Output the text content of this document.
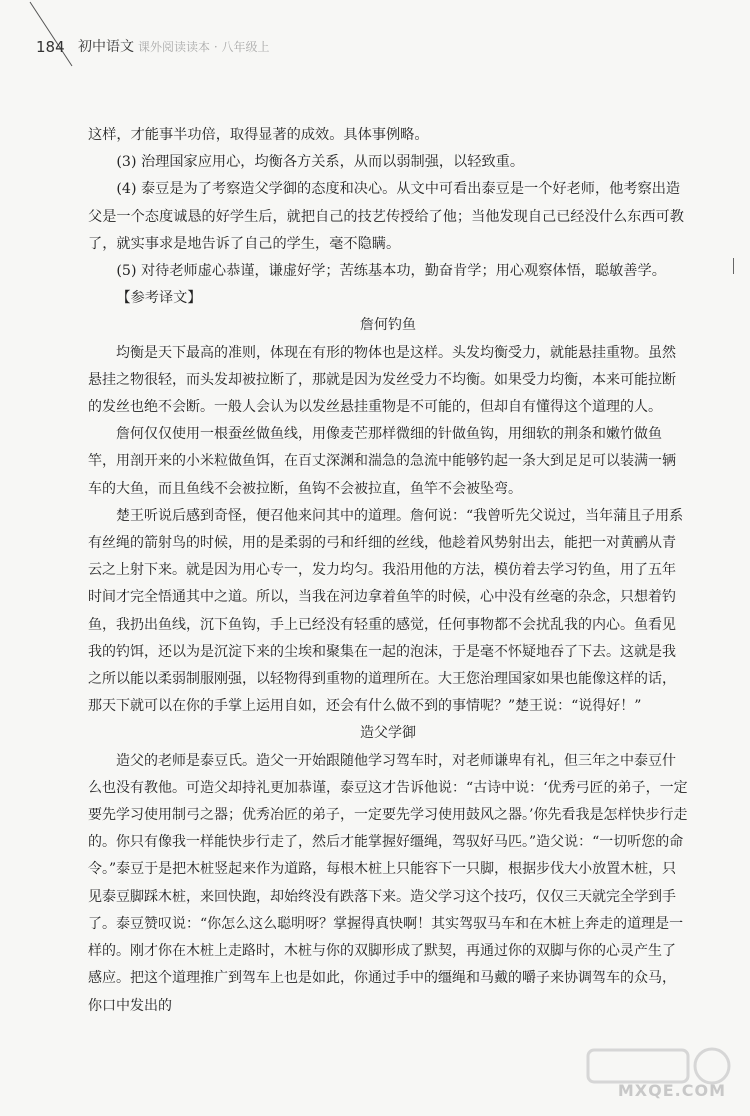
184 初中语文 课外阅读读本 · 八年级上

这样，才能事半功倍，取得显著的成效。具体事例略。

(3) 治理国家应用心，均衡各方关系，从而以弱制强，以轻致重。

(4) 泰豆是为了考察造父学御的态度和决心。从文中可看出泰豆是一个好老师，他考察出造父是一个态度诚恳的好学生后，就把自己的技艺传授给了他；当他发现自己已经没什么东西可教了，就实事求是地告诉了自己的学生，毫不隐瞒。

(5) 对待老师虚心恭谨，谦虚好学；苦练基本功，勤奋肯学；用心观察体悟，聪敏善学。

【参考译文】

詹何钓鱼

均衡是天下最高的准则，体现在有形的物体也是这样。头发均衡受力，就能悬挂重物。虽然悬挂之物很轻，而头发却被拉断了，那就是因为发丝受力不均衡。如果受力均衡，本来可能拉断的发丝也绝不会断。一般人会认为以发丝悬挂重物是不可能的，但却自有懂得这个道理的人。

詹何仅仅使用一根蚕丝做鱼线，用像麦芒那样微细的针做鱼钩，用细软的荆条和嫩竹做鱼竿，用剖开来的小米粒做鱼饵，在百丈深渊和湍急的急流中能够钓起一条大到足足可以装满一辆车的大鱼，而且鱼线不会被拉断，鱼钩不会被拉直，鱼竿不会被坠弯。

楚王听说后感到奇怪，便召他来问其中的道理。詹何说：“我曾听先父说过，当年蒲且子用系有丝绳的箭射鸟的时候，用的是柔弱的弓和纤细的丝线，他趁着风势射出去，能把一对黄鹂从青云之上射下来。就是因为用心专一，发力均匀。我沿用他的方法，模仿着去学习钓鱼，用了五年时间才完全悟通其中之道。所以，当我在河边拿着鱼竿的时候，心中没有丝毫的杂念，只想着钓鱼，我扔出鱼线，沉下鱼钩，手上已经没有轻重的感觉，任何事物都不会扰乱我的内心。鱼看见我的钓饵，还以为是沉淀下来的尘埃和聚集在一起的泡沫，于是毫不怀疑地吞了下去。这就是我之所以能以柔弱制服刚强，以轻物得到重物的道理所在。大王您治理国家如果也能像这样的话，那天下就可以在你的手掌上运用自如，还会有什么做不到的事情呢？”楚王说：“说得好！”

造父学御

造父的老师是泰豆氏。造父一开始跟随他学习驾车时，对老师谦卑有礼，但三年之中泰豆什么也没有教他。可造父却持礼更加恭谨，泰豆这才告诉他说：“古诗中说：‘优秀弓匠的弟子，一定要先学习使用制弓之器；优秀冶匠的弟子，一定要先学习使用鼓风之器。’你先看我是怎样快步行走的。你只有像我一样能快步行走了，然后才能掌握好缰绳，驾驭好马匹。”造父说：“一切听您的命令。”泰豆于是把木桩竖起来作为道路，每根木桩上只能容下一只脚，根据步伐大小放置木桩，只见泰豆脚踩木桩，来回快跑，却始终没有跌落下来。造父学习这个技巧，仅仅三天就完全学到手了。泰豆赞叹说：“你怎么这么聪明呀？掌握得真快啊！其实驾驭马车和在木桩上奔走的道理是一样的。刚才你在木桩上走路时，木桩与你的双脚形成了默契，再通过你的双脚与你的心灵产生了感应。把这个道理推广到驾车上也是如此，你通过手中的缰绳和马戴的嚼子来协调驾车的众马，你口中发出的

MXQE.COM
